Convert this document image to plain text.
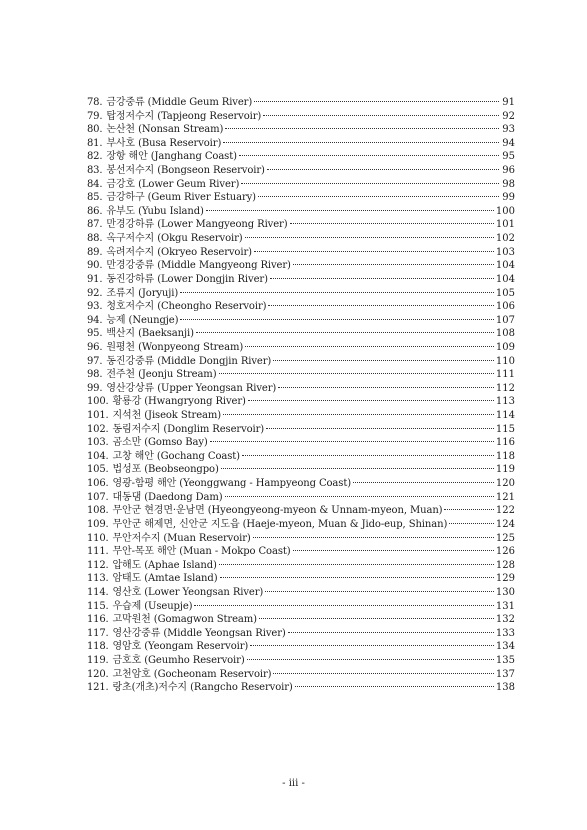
78. 금강중류 (Middle Geum River)	91
79. 탑정저수지 (Tapjeong Reservoir)	92
80. 논산천 (Nonsan Stream)	93
81. 부사호 (Busa Reservoir)	94
82. 장항 해안 (Janghang Coast)	95
83. 봉선저수지 (Bongseon Reservoir)	96
84. 금강호 (Lower Geum River)	98
85. 금강하구 (Geum River Estuary)	99
86. 유부도 (Yubu Island)	100
87. 만경강하류 (Lower Mangyeong River)	101
88. 옥구저수지 (Okgu Reservoir)	102
89. 옥려저수지 (Okryeo Reservoir)	103
90. 만경강중류 (Middle Mangyeong River)	104
91. 동진강하류 (Lower Dongjin River)	104
92. 조류지 (Joryuji)	105
93. 청호저수지 (Cheongho Reservoir)	106
94. 능제 (Neungje)	107
95. 백산지 (Baeksanji)	108
96. 원평천 (Wonpyeong Stream)	109
97. 동진강중류 (Middle Dongjin River)	110
98. 전주천 (Jeonju Stream)	111
99. 영산강상류 (Upper Yeongsan River)	112
100. 황룡강 (Hwangryong River)	113
101. 지석천 (Jiseok Stream)	114
102. 동림저수지 (Donglim Reservoir)	115
103. 곰소만 (Gomso Bay)	116
104. 고창 해안 (Gochang Coast)	118
105. 법성포 (Beobseongpo)	119
106. 영광-함평 해안 (Yeonggwang - Hampyeong Coast)	120
107. 대동댐 (Daedong Dam)	121
108. 무안군 현경면·운남면 (Hyeongyeong-myeon & Unnam-myeon, Muan)	122
109. 무안군 해제면, 신안군 지도읍 (Haeje-myeon, Muan & Jido-eup, Shinan)	124
110. 무안저수지 (Muan Reservoir)	125
111. 무안-목포 해안 (Muan - Mokpo Coast)	126
112. 압해도 (Aphae Island)	128
113. 암태도 (Amtae Island)	129
114. 영산호 (Lower Yeongsan River)	130
115. 우습제 (Useupje)	131
116. 고막원천 (Gomagwon Stream)	132
117. 영산강중류 (Middle Yeongsan River)	133
118. 영암호 (Yeongam Reservoir)	134
119. 금호호 (Geumho Reservoir)	135
120. 고천암호 (Gocheonam Reservoir)	137
121. 랑초(개초)저수지 (Rangcho Reservoir)	138
- iii -
